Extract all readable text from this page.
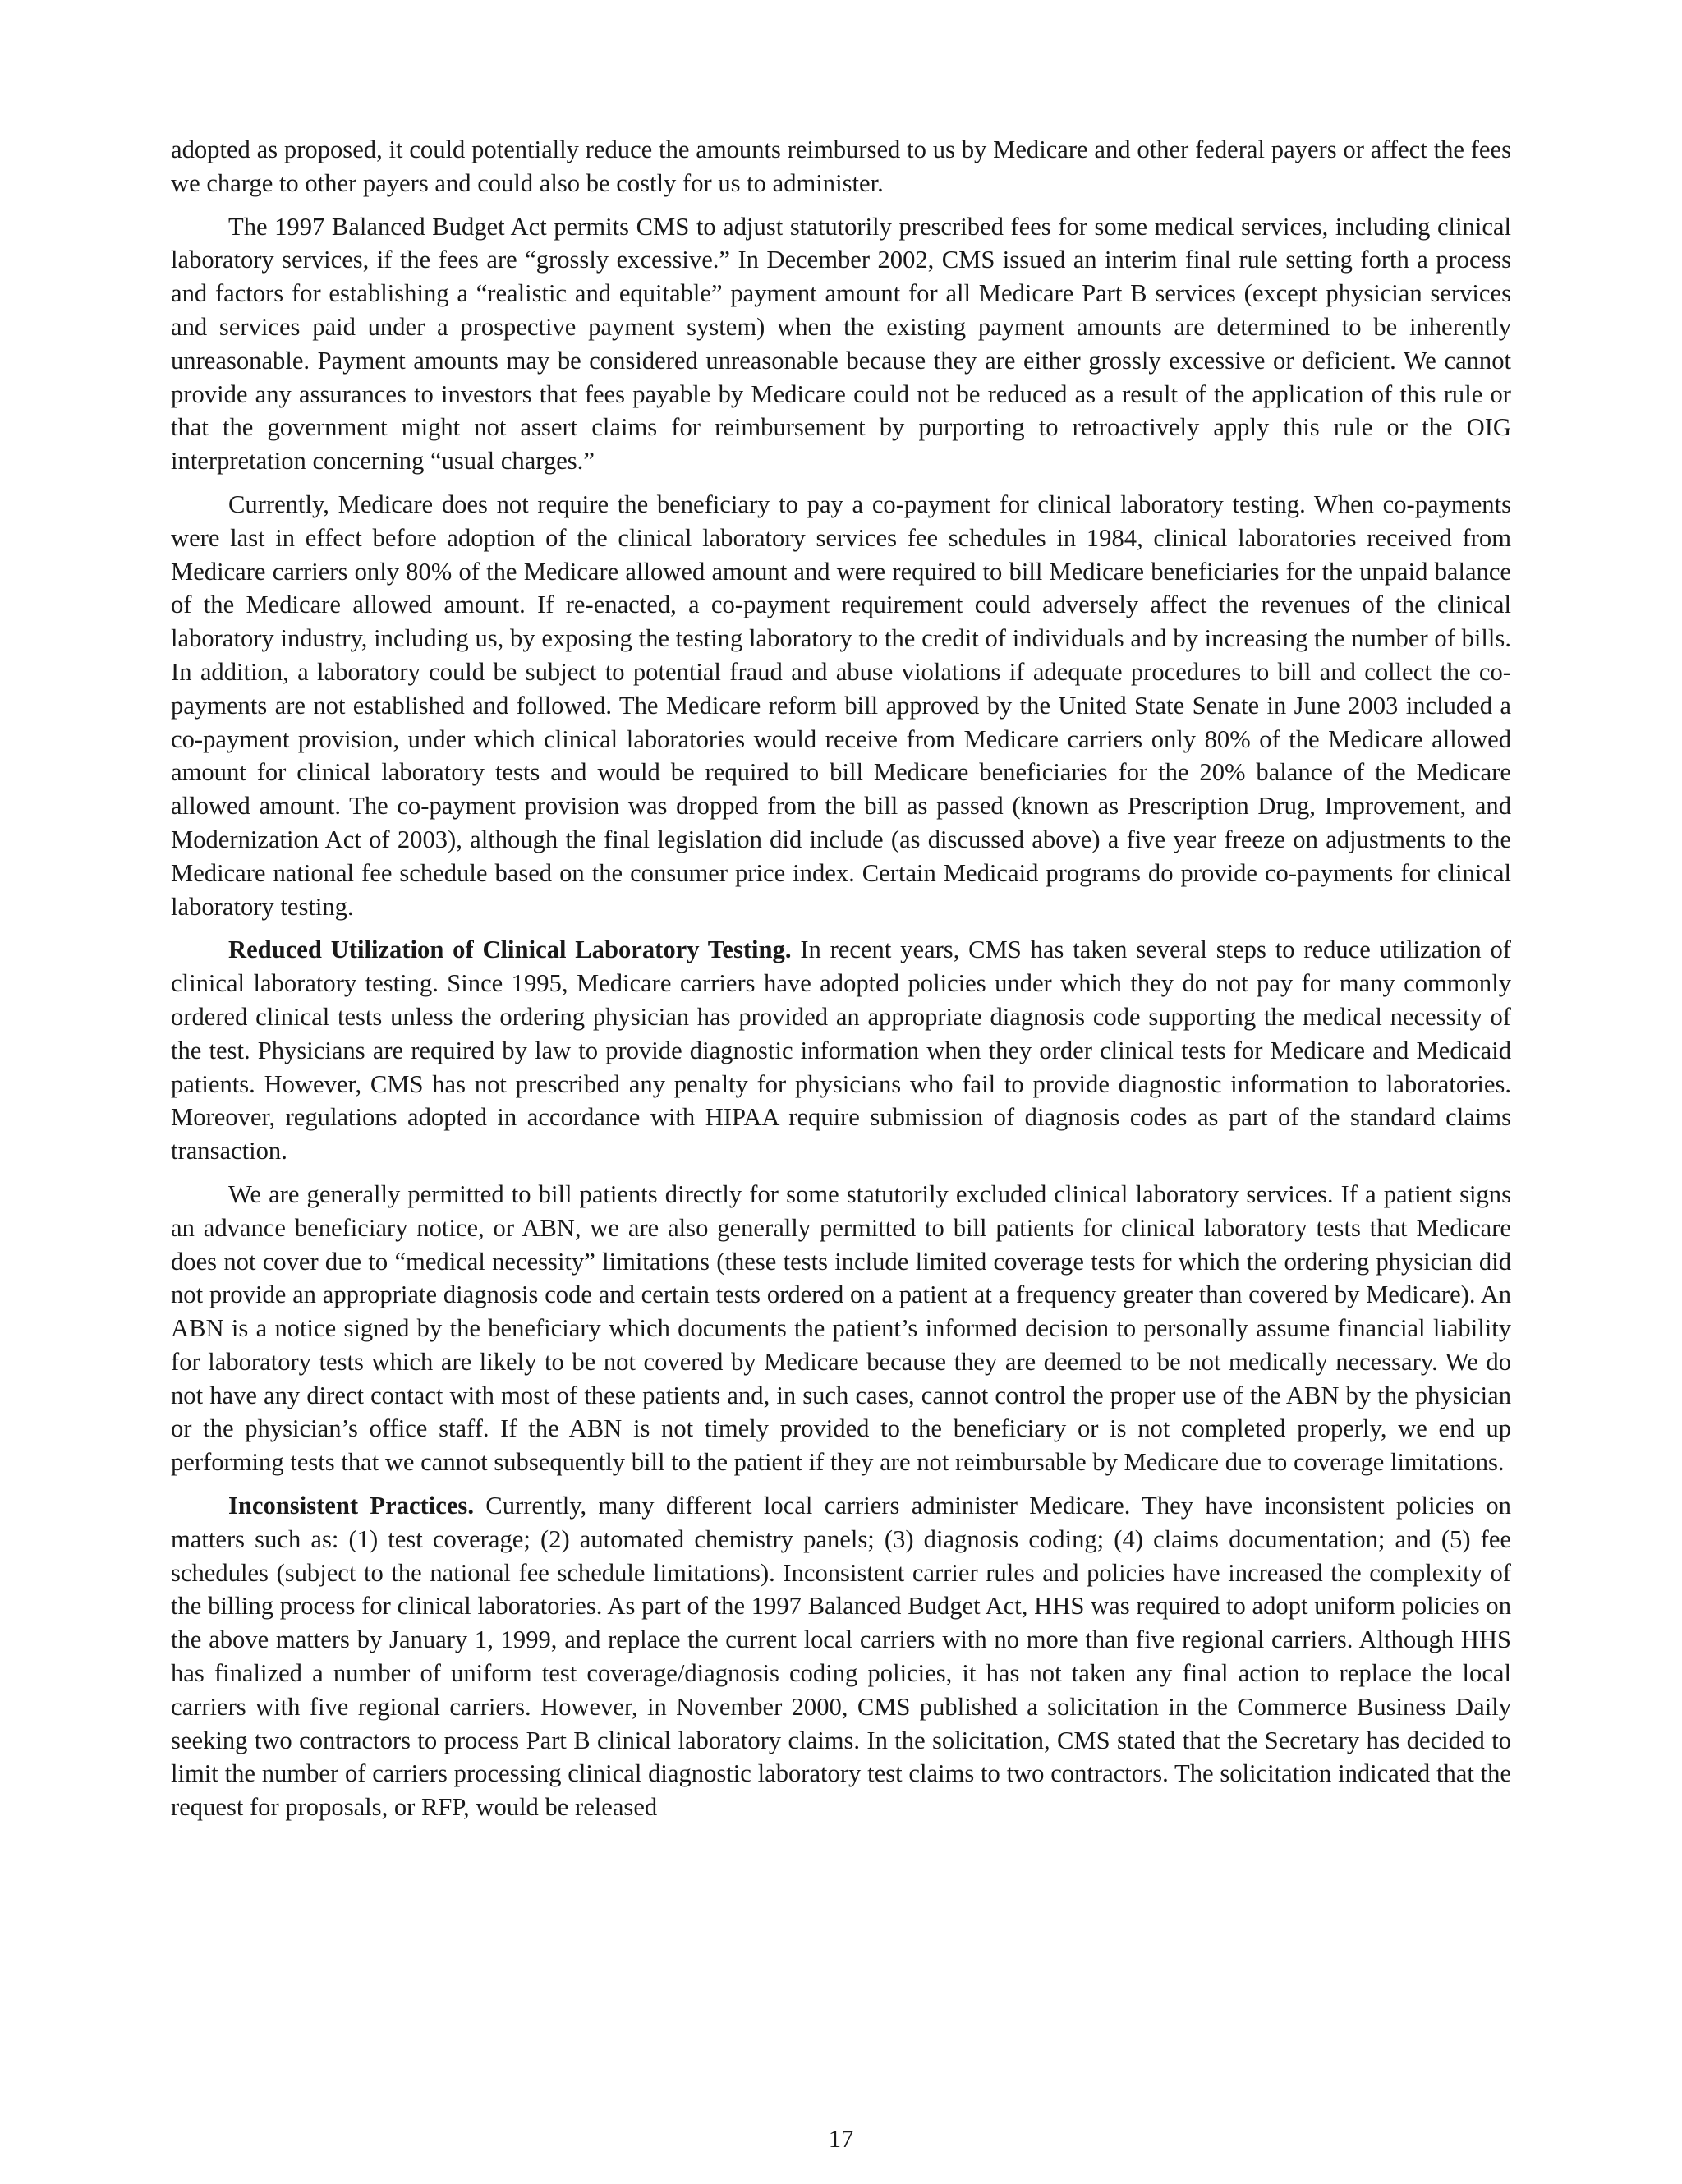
adopted as proposed, it could potentially reduce the amounts reimbursed to us by Medicare and other federal payers or affect the fees we charge to other payers and could also be costly for us to administer.

The 1997 Balanced Budget Act permits CMS to adjust statutorily prescribed fees for some medical services, including clinical laboratory services, if the fees are “grossly excessive.” In December 2002, CMS issued an interim final rule setting forth a process and factors for establishing a “realistic and equitable” payment amount for all Medicare Part B services (except physician services and services paid under a prospective payment system) when the existing payment amounts are determined to be inherently unreasonable. Payment amounts may be considered unreasonable because they are either grossly excessive or deficient. We cannot provide any assurances to investors that fees payable by Medicare could not be reduced as a result of the application of this rule or that the government might not assert claims for reimbursement by purporting to retroactively apply this rule or the OIG interpretation concerning “usual charges.”

Currently, Medicare does not require the beneficiary to pay a co-payment for clinical laboratory testing. When co-payments were last in effect before adoption of the clinical laboratory services fee schedules in 1984, clinical laboratories received from Medicare carriers only 80% of the Medicare allowed amount and were required to bill Medicare beneficiaries for the unpaid balance of the Medicare allowed amount. If re-enacted, a co-payment requirement could adversely affect the revenues of the clinical laboratory industry, including us, by exposing the testing laboratory to the credit of individuals and by increasing the number of bills. In addition, a laboratory could be subject to potential fraud and abuse violations if adequate procedures to bill and collect the co-payments are not established and followed. The Medicare reform bill approved by the United State Senate in June 2003 included a co-payment provision, under which clinical laboratories would receive from Medicare carriers only 80% of the Medicare allowed amount for clinical laboratory tests and would be required to bill Medicare beneficiaries for the 20% balance of the Medicare allowed amount. The co-payment provision was dropped from the bill as passed (known as Prescription Drug, Improvement, and Modernization Act of 2003), although the final legislation did include (as discussed above) a five year freeze on adjustments to the Medicare national fee schedule based on the consumer price index. Certain Medicaid programs do provide co-payments for clinical laboratory testing.

Reduced Utilization of Clinical Laboratory Testing. In recent years, CMS has taken several steps to reduce utilization of clinical laboratory testing. Since 1995, Medicare carriers have adopted policies under which they do not pay for many commonly ordered clinical tests unless the ordering physician has provided an appropriate diagnosis code supporting the medical necessity of the test. Physicians are required by law to provide diagnostic information when they order clinical tests for Medicare and Medicaid patients. However, CMS has not prescribed any penalty for physicians who fail to provide diagnostic information to laboratories. Moreover, regulations adopted in accordance with HIPAA require submission of diagnosis codes as part of the standard claims transaction.

We are generally permitted to bill patients directly for some statutorily excluded clinical laboratory services. If a patient signs an advance beneficiary notice, or ABN, we are also generally permitted to bill patients for clinical laboratory tests that Medicare does not cover due to “medical necessity” limitations (these tests include limited coverage tests for which the ordering physician did not provide an appropriate diagnosis code and certain tests ordered on a patient at a frequency greater than covered by Medicare). An ABN is a notice signed by the beneficiary which documents the patient’s informed decision to personally assume financial liability for laboratory tests which are likely to be not covered by Medicare because they are deemed to be not medically necessary. We do not have any direct contact with most of these patients and, in such cases, cannot control the proper use of the ABN by the physician or the physician’s office staff. If the ABN is not timely provided to the beneficiary or is not completed properly, we end up performing tests that we cannot subsequently bill to the patient if they are not reimbursable by Medicare due to coverage limitations.

Inconsistent Practices. Currently, many different local carriers administer Medicare. They have inconsistent policies on matters such as: (1) test coverage; (2) automated chemistry panels; (3) diagnosis coding; (4) claims documentation; and (5) fee schedules (subject to the national fee schedule limitations). Inconsistent carrier rules and policies have increased the complexity of the billing process for clinical laboratories. As part of the 1997 Balanced Budget Act, HHS was required to adopt uniform policies on the above matters by January 1, 1999, and replace the current local carriers with no more than five regional carriers. Although HHS has finalized a number of uniform test coverage/diagnosis coding policies, it has not taken any final action to replace the local carriers with five regional carriers. However, in November 2000, CMS published a solicitation in the Commerce Business Daily seeking two contractors to process Part B clinical laboratory claims. In the solicitation, CMS stated that the Secretary has decided to limit the number of carriers processing clinical diagnostic laboratory test claims to two contractors. The solicitation indicated that the request for proposals, or RFP, would be released

17
